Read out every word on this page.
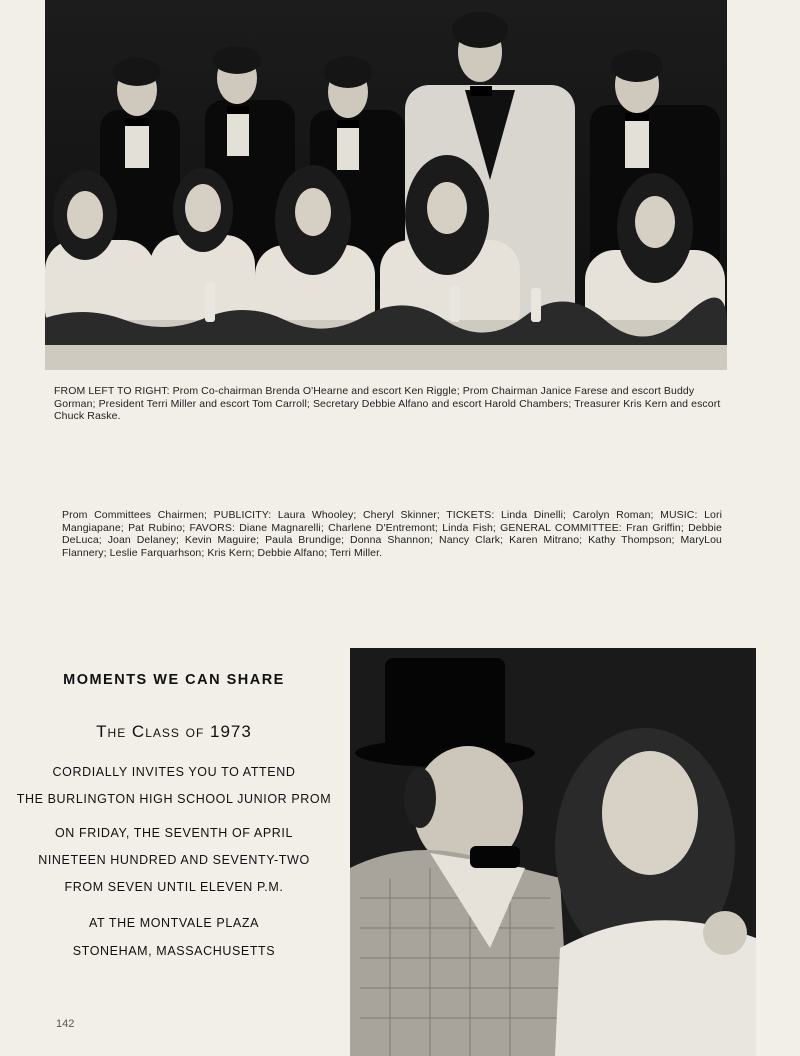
FROM LEFT TO RIGHT: Prom Co-chairman Brenda O'Hearne and escort Ken Riggle; Prom Chairman Janice Farese and escort Buddy Gorman; President Terri Miller and escort Tom Carroll; Secretary Debbie Alfano and escort Harold Chambers; Treasurer Kris Kern and escort Chuck Raske.
Prom Committees Chairmen; PUBLICITY: Laura Whooley; Cheryl Skinner; TICKETS: Linda Dinelli; Carolyn Roman; MUSIC: Lori Mangiapane; Pat Rubino; FAVORS: Diane Magnarelli; Charlene D'Entremont; Linda Fish; GENERAL COMMITTEE: Fran Griffin; Debbie DeLuca; Joan Delaney; Kevin Maguire; Paula Brundige; Donna Shannon; Nancy Clark; Karen Mitrano; Kathy Thompson; MaryLou Flannery; Leslie Farquarhson; Kris Kern; Debbie Alfano; Terri Miller.
MOMENTS WE CAN SHARE
The Class of 1973
CORDIALLY INVITES YOU TO ATTEND
THE BURLINGTON HIGH SCHOOL JUNIOR PROM
ON FRIDAY, THE SEVENTH OF APRIL
NINETEEN HUNDRED AND SEVENTY-TWO
FROM SEVEN UNTIL ELEVEN P.M.
AT THE MONTVALE PLAZA
STONEHAM, MASSACHUSETTS
142
